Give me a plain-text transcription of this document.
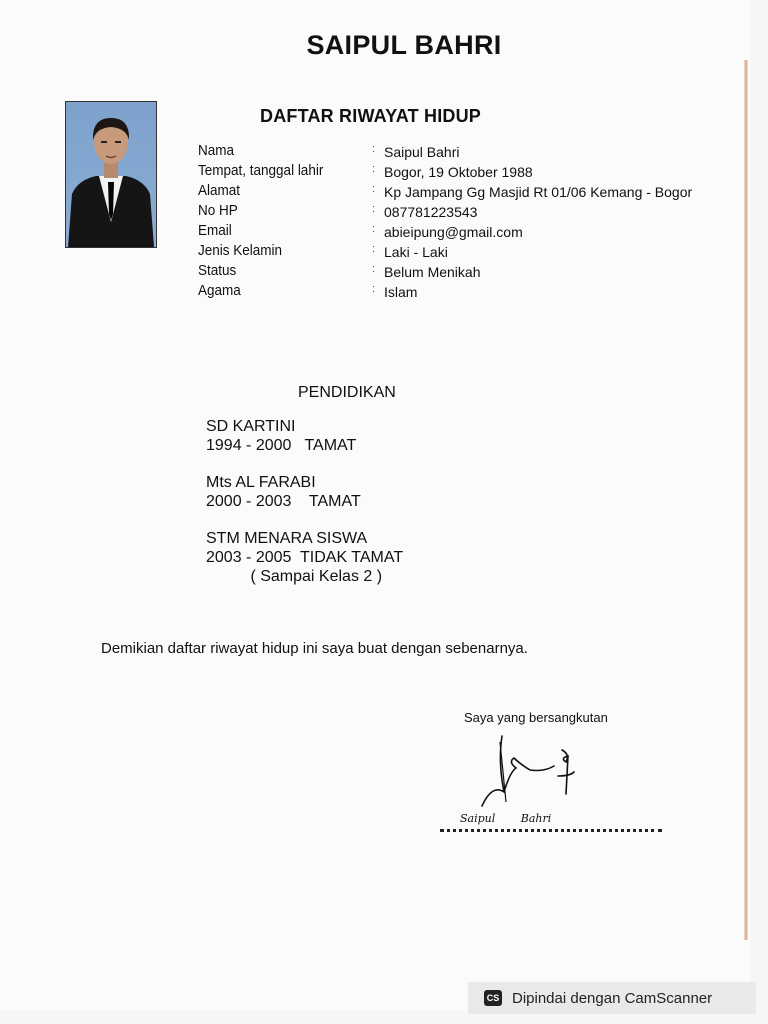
SAIPUL BAHRI
DAFTAR RIWAYAT HIDUP
Nama	: Saipul Bahri
Tempat, tanggal lahir	: Bogor, 19 Oktober 1988
Alamat	: Kp Jampang Gg Masjid Rt 01/06 Kemang - Bogor
No HP	: 087781223543
Email	: abieipung@gmail.com
Jenis Kelamin	: Laki - Laki
Status	: Belum Menikah
Agama	: Islam
PENDIDIKAN
SD KARTINI
1994 - 2000   TAMAT
Mts AL FARABI
2000 - 2003    TAMAT
STM MENARA SISWA
2003 - 2005  TIDAK TAMAT
( Sampai Kelas 2 )
Demikian daftar riwayat hidup ini saya buat dengan sebenarnya.
Saya yang bersangkutan
Saipul Bahri
CS Dipindai dengan CamScanner
